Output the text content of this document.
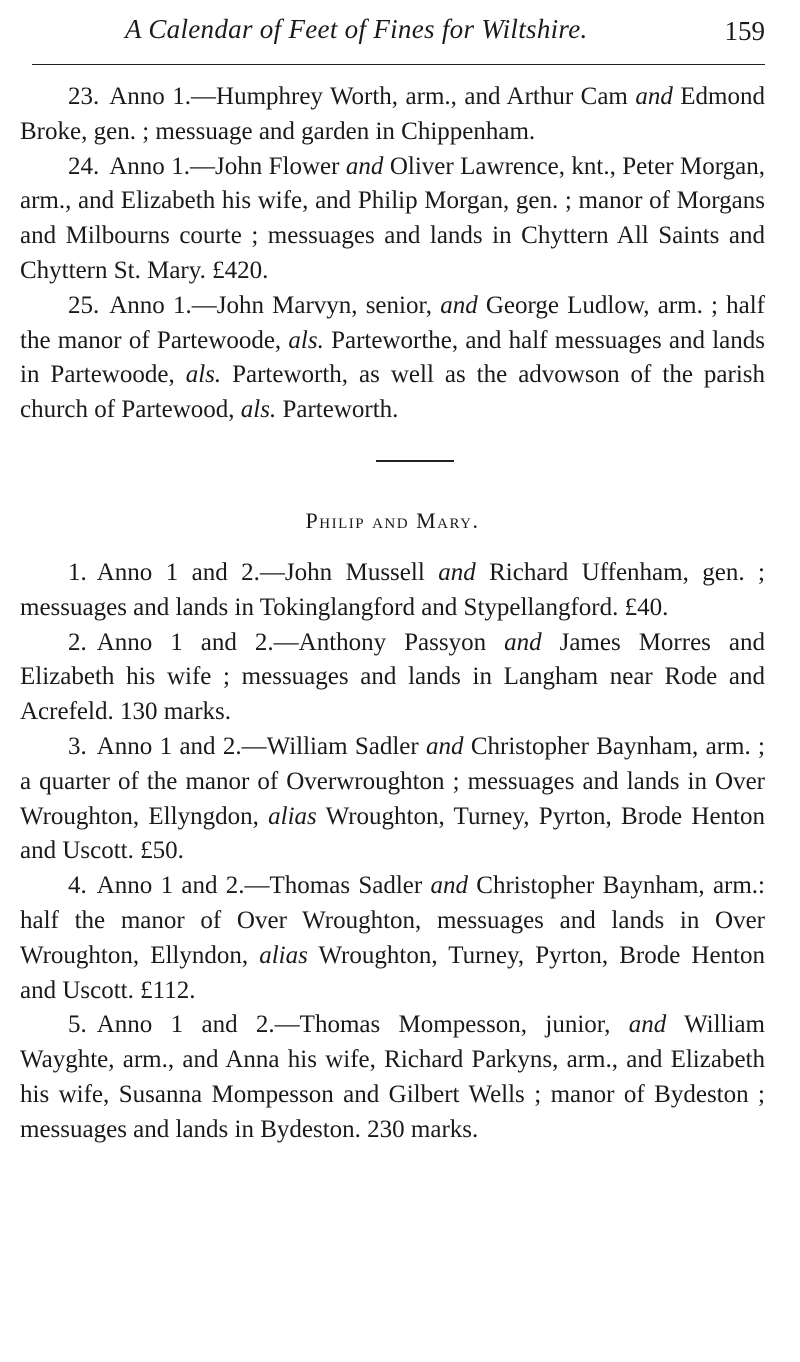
A Calendar of Feet of Fines for Wiltshire.	159

23. Anno 1.—Humphrey Worth, arm., and Arthur Cam and Edmond Broke, gen. ; messuage and garden in Chippenham.

24. Anno 1.—John Flower and Oliver Lawrence, knt., Peter Morgan, arm., and Elizabeth his wife, and Philip Morgan, gen. ; manor of Morgans and Milbourns courte ; messuages and lands in Chyttern All Saints and Chyttern St. Mary. £420.

25. Anno 1.—John Marvyn, senior, and George Ludlow, arm. ; half the manor of Partewoode, als. Parteworthe, and half messuages and lands in Partewoode, als. Parteworth, as well as the advowson of the parish church of Partewood, als. Parteworth.

Philip and Mary.

1. Anno 1 and 2.—John Mussell and Richard Uffenham, gen. ; messuages and lands in Tokinglangford and Stypellangford. £40.

2. Anno 1 and 2.—Anthony Passyon and James Morres and Elizabeth his wife ; messuages and lands in Langham near Rode and Acrefeld. 130 marks.

3. Anno 1 and 2.—William Sadler and Christopher Baynham, arm. ; a quarter of the manor of Overwroughton ; messuages and lands in Over Wroughton, Ellyngdon, alias Wroughton, Turney, Pyrton, Brode Henton and Uscott. £50.

4. Anno 1 and 2.—Thomas Sadler and Christopher Baynham, arm.: half the manor of Over Wroughton, messuages and lands in Over Wroughton, Ellyndon, alias Wroughton, Turney, Pyrton, Brode Henton and Uscott. £112.

5. Anno 1 and 2.—Thomas Mompesson, junior, and William Wayghte, arm., and Anna his wife, Richard Parkyns, arm., and Elizabeth his wife, Susanna Mompesson and Gilbert Wells ; manor of Bydeston ; messuages and lands in Bydeston. 230 marks.
